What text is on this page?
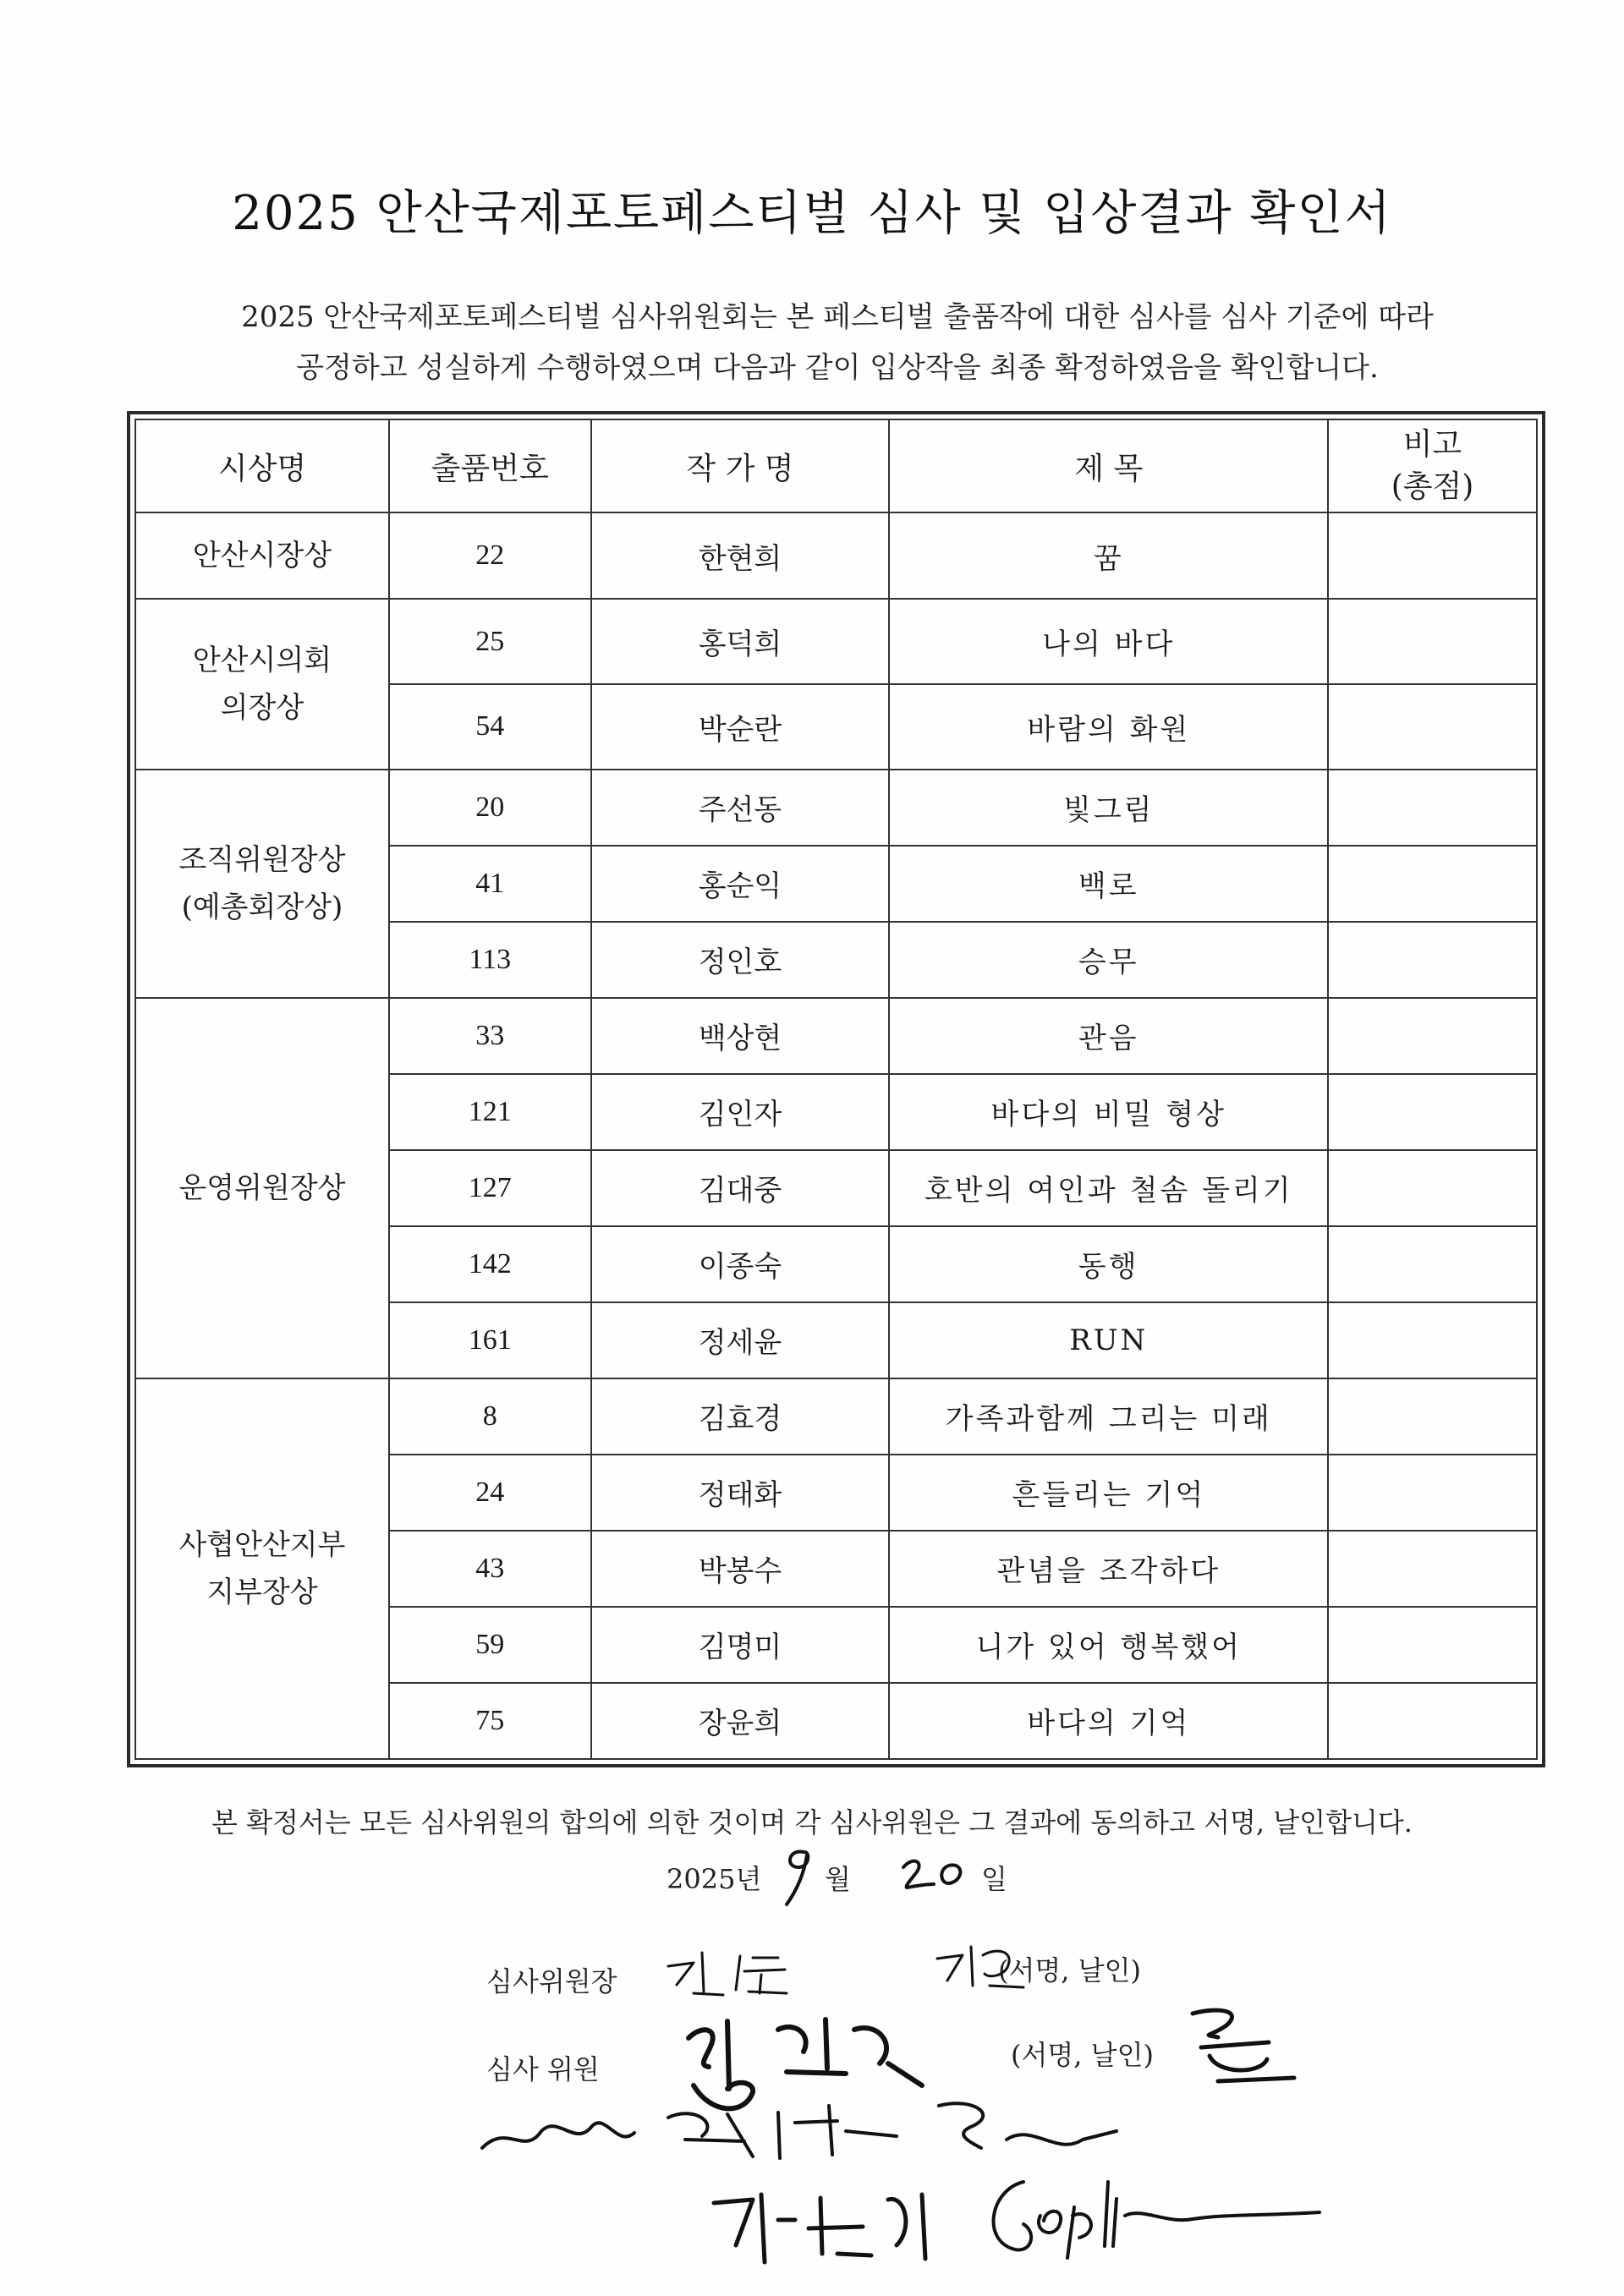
2025 안산국제포토페스티벌 심사 및 입상결과 확인서
2025 안산국제포토페스티벌 심사위원회는 본 페스티벌 출품작에 대한 심사를 심사 기준에 따라
공정하고 성실하게 수행하였으며 다음과 같이 입상작을 최종 확정하였음을 확인합니다.
시상명	출품번호	작 가 명	제 목	비고
(총점)

안산시장상	22	한현희	꿈	

안산시의회
의장상	25	홍덕희	나의 바다	
	54	박순란	바람의 화원	

조직위원장상
(예총회장상)	20	주선동	빛그림	
	41	홍순익	백로	
	113	정인호	승무	

운영위원장상	33	백상현	관음	
	121	김인자	바다의 비밀 형상	
	127	김대중	호반의 여인과 철솜 돌리기	
	142	이종숙	동행	
	161	정세윤	RUN	

사협안산지부
지부장상	8	김효경	가족과함께 그리는 미래	
	24	정태화	흔들리는 기억	
	43	박봉수	관념을 조각하다	
	59	김명미	니가 있어 행복했어	
	75	장윤희	바다의 기억	
본 확정서는 모든 심사위원의 합의에 의한 것이며 각 심사위원은 그 결과에 동의하고 서명, 날인합니다.
2025년 월	일
심사위원장	(서명, 날인)
심사 위원	(서명, 날인)
